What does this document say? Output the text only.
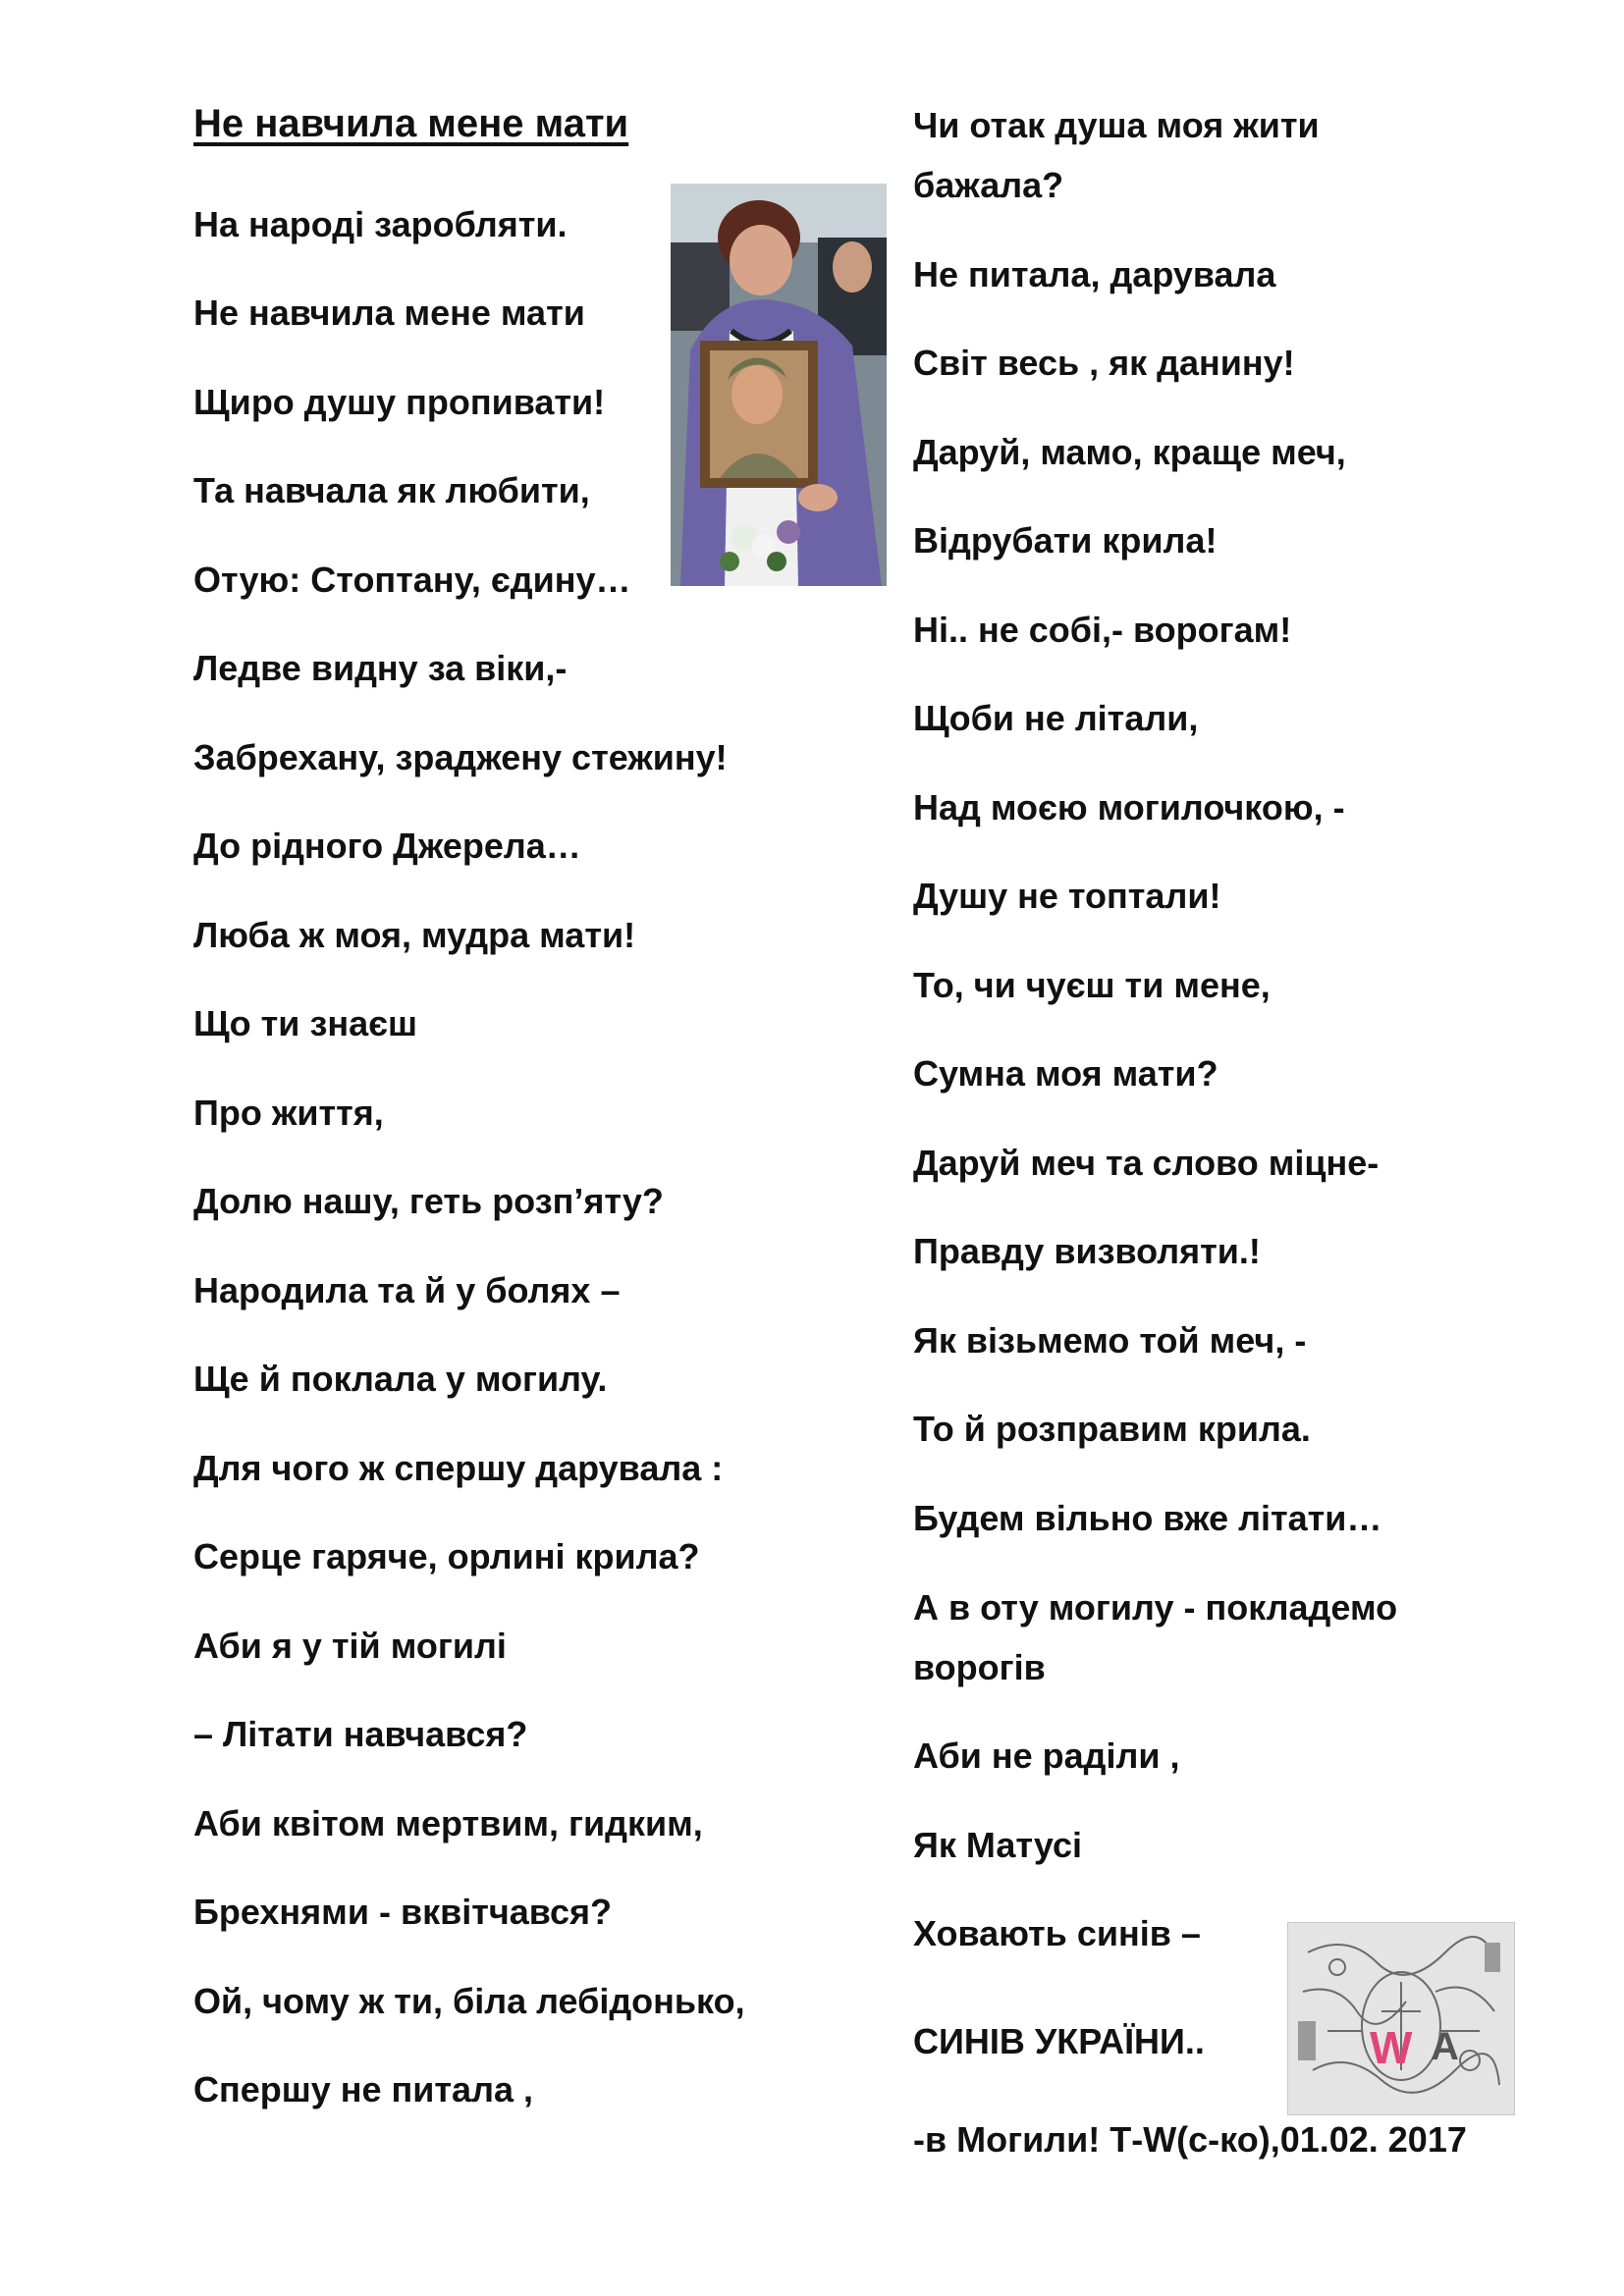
Не навчила мене мати
На народі заробляти.
Не навчила мене мати
Щиро душу пропивати!
Та навчала як любити,
Отую: Стоптану, єдину…
Ледве видну за віки,-
Забрехану, зраджену стежину!
До рідного Джерела…
Люба ж моя, мудра мати!
Що ти знаєш
Про життя,
Долю нашу, геть розп’яту?
Народила та й у болях –
Ще й поклала у могилу.
Для чого ж спершу дарувала :
Серце гаряче, орлині крила?
Аби я у тій могилі
– Літати навчався?
Аби квітом мертвим, гидким,
Брехнями - вквітчався?
Ой, чому ж ти, біла лебідонько,
Спершу не питала ,
Чи отак душа моя жити
бажала?
Не питала, дарувала
Світ весь , як данину!
Даруй, мамо, краще меч,
Відрубати крила!
Ні.. не собі,- ворогам!
Щоби не літали,
Над моєю могилочкою, -
Душу не топтали!
То, чи чуєш ти мене,
Сумна моя мати?
Даруй меч та слово міцне-
Правду визволяти.!
Як візьмемо той меч, -
То й розправим крила.
Будем вільно вже літати…
А в оту могилу - покладемо
ворогів
Аби не раділи ,
Як Матусі
Ховають синів –
СИНІВ УКРАЇНИ..
-в Могили! Т-W(с-ко),01.02. 2017
W A
